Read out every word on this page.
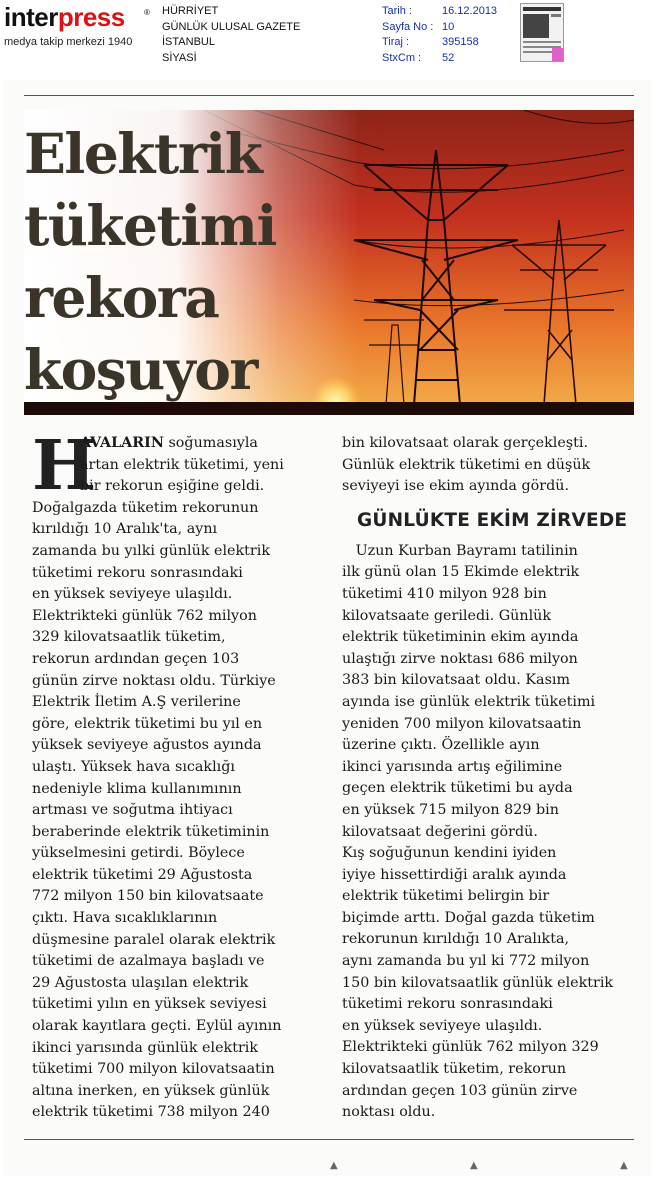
interpress ®
medya takip merkezi 1940
HÜRRİYET
GÜNLÜK ULUSAL GAZETE
İSTANBUL
SİYASİ
Tarih :	16.12.2013
Sayfa No : 10
Tiraj :	395158
StxCm :	52
Elektrik
tüketimi
rekora
koşuyor
H
AVALARIN soğumasıyla
artan elektrik tüketimi, yeni
bir rekorun eşiğine geldi.
Doğalgazda tüketim rekorunun
kırıldığı 10 Aralık'ta, aynı
zamanda bu yılki günlük elektrik
tüketimi rekoru sonrasındaki
en yüksek seviyeye ulaşıldı.
Elektrikteki günlük 762 milyon
329 kilovatsaatlik tüketim,
rekorun ardından geçen 103
günün zirve noktası oldu. Türkiye
Elektrik İletim A.Ş verilerine
göre, elektrik tüketimi bu yıl en
yüksek seviyeye ağustos ayında
ulaştı. Yüksek hava sıcaklığı
nedeniyle klima kullanımının
artması ve soğutma ihtiyacı
beraberinde elektrik tüketiminin
yükselmesini getirdi. Böylece
elektrik tüketimi 29 Ağustosta
772 milyon 150 bin kilovatsaate
çıktı. Hava sıcaklıklarının
düşmesine paralel olarak elektrik
tüketimi de azalmaya başladı ve
29 Ağustosta ulaşılan elektrik
tüketimi yılın en yüksek seviyesi
olarak kayıtlara geçti. Eylül ayının
ikinci yarısında günlük elektrik
tüketimi 700 milyon kilovatsaatin
altına inerken, en yüksek günlük
elektrik tüketimi 738 milyon 240
bin kilovatsaat olarak gerçekleşti.
Günlük elektrik tüketimi en düşük
seviyeyi ise ekim ayında gördü.
Uzun Kurban Bayramı tatilinin
ilk günü olan 15 Ekimde elektrik
tüketimi 410 milyon 928 bin
kilovatsaate geriledi. Günlük
elektrik tüketiminin ekim ayında
ulaştığı zirve noktası 686 milyon
383 bin kilovatsaat oldu. Kasım
ayında ise günlük elektrik tüketimi
yeniden 700 milyon kilovatsaatin
üzerine çıktı. Özellikle ayın
ikinci yarısında artış eğilimine
geçen elektrik tüketimi bu ayda
en yüksek 715 milyon 829 bin
kilovatsaat değerini gördü.
Kış soğuğunun kendini iyiden
iyiye hissettirdiği aralık ayında
elektrik tüketimi belirgin bir
biçimde arttı. Doğal gazda tüketim
rekorunun kırıldığı 10 Aralıkta,
aynı zamanda bu yıl ki 772 milyon
150 bin kilovatsaatlik günlük elektrik
tüketimi rekoru sonrasındaki
en yüksek seviyeye ulaşıldı.
Elektrikteki günlük 762 milyon 329
kilovatsaatlik tüketim, rekorun
ardından geçen 103 günün zirve
noktası oldu.
GÜNLÜKTE EKİM ZİRVEDE
▲	▲	▲
